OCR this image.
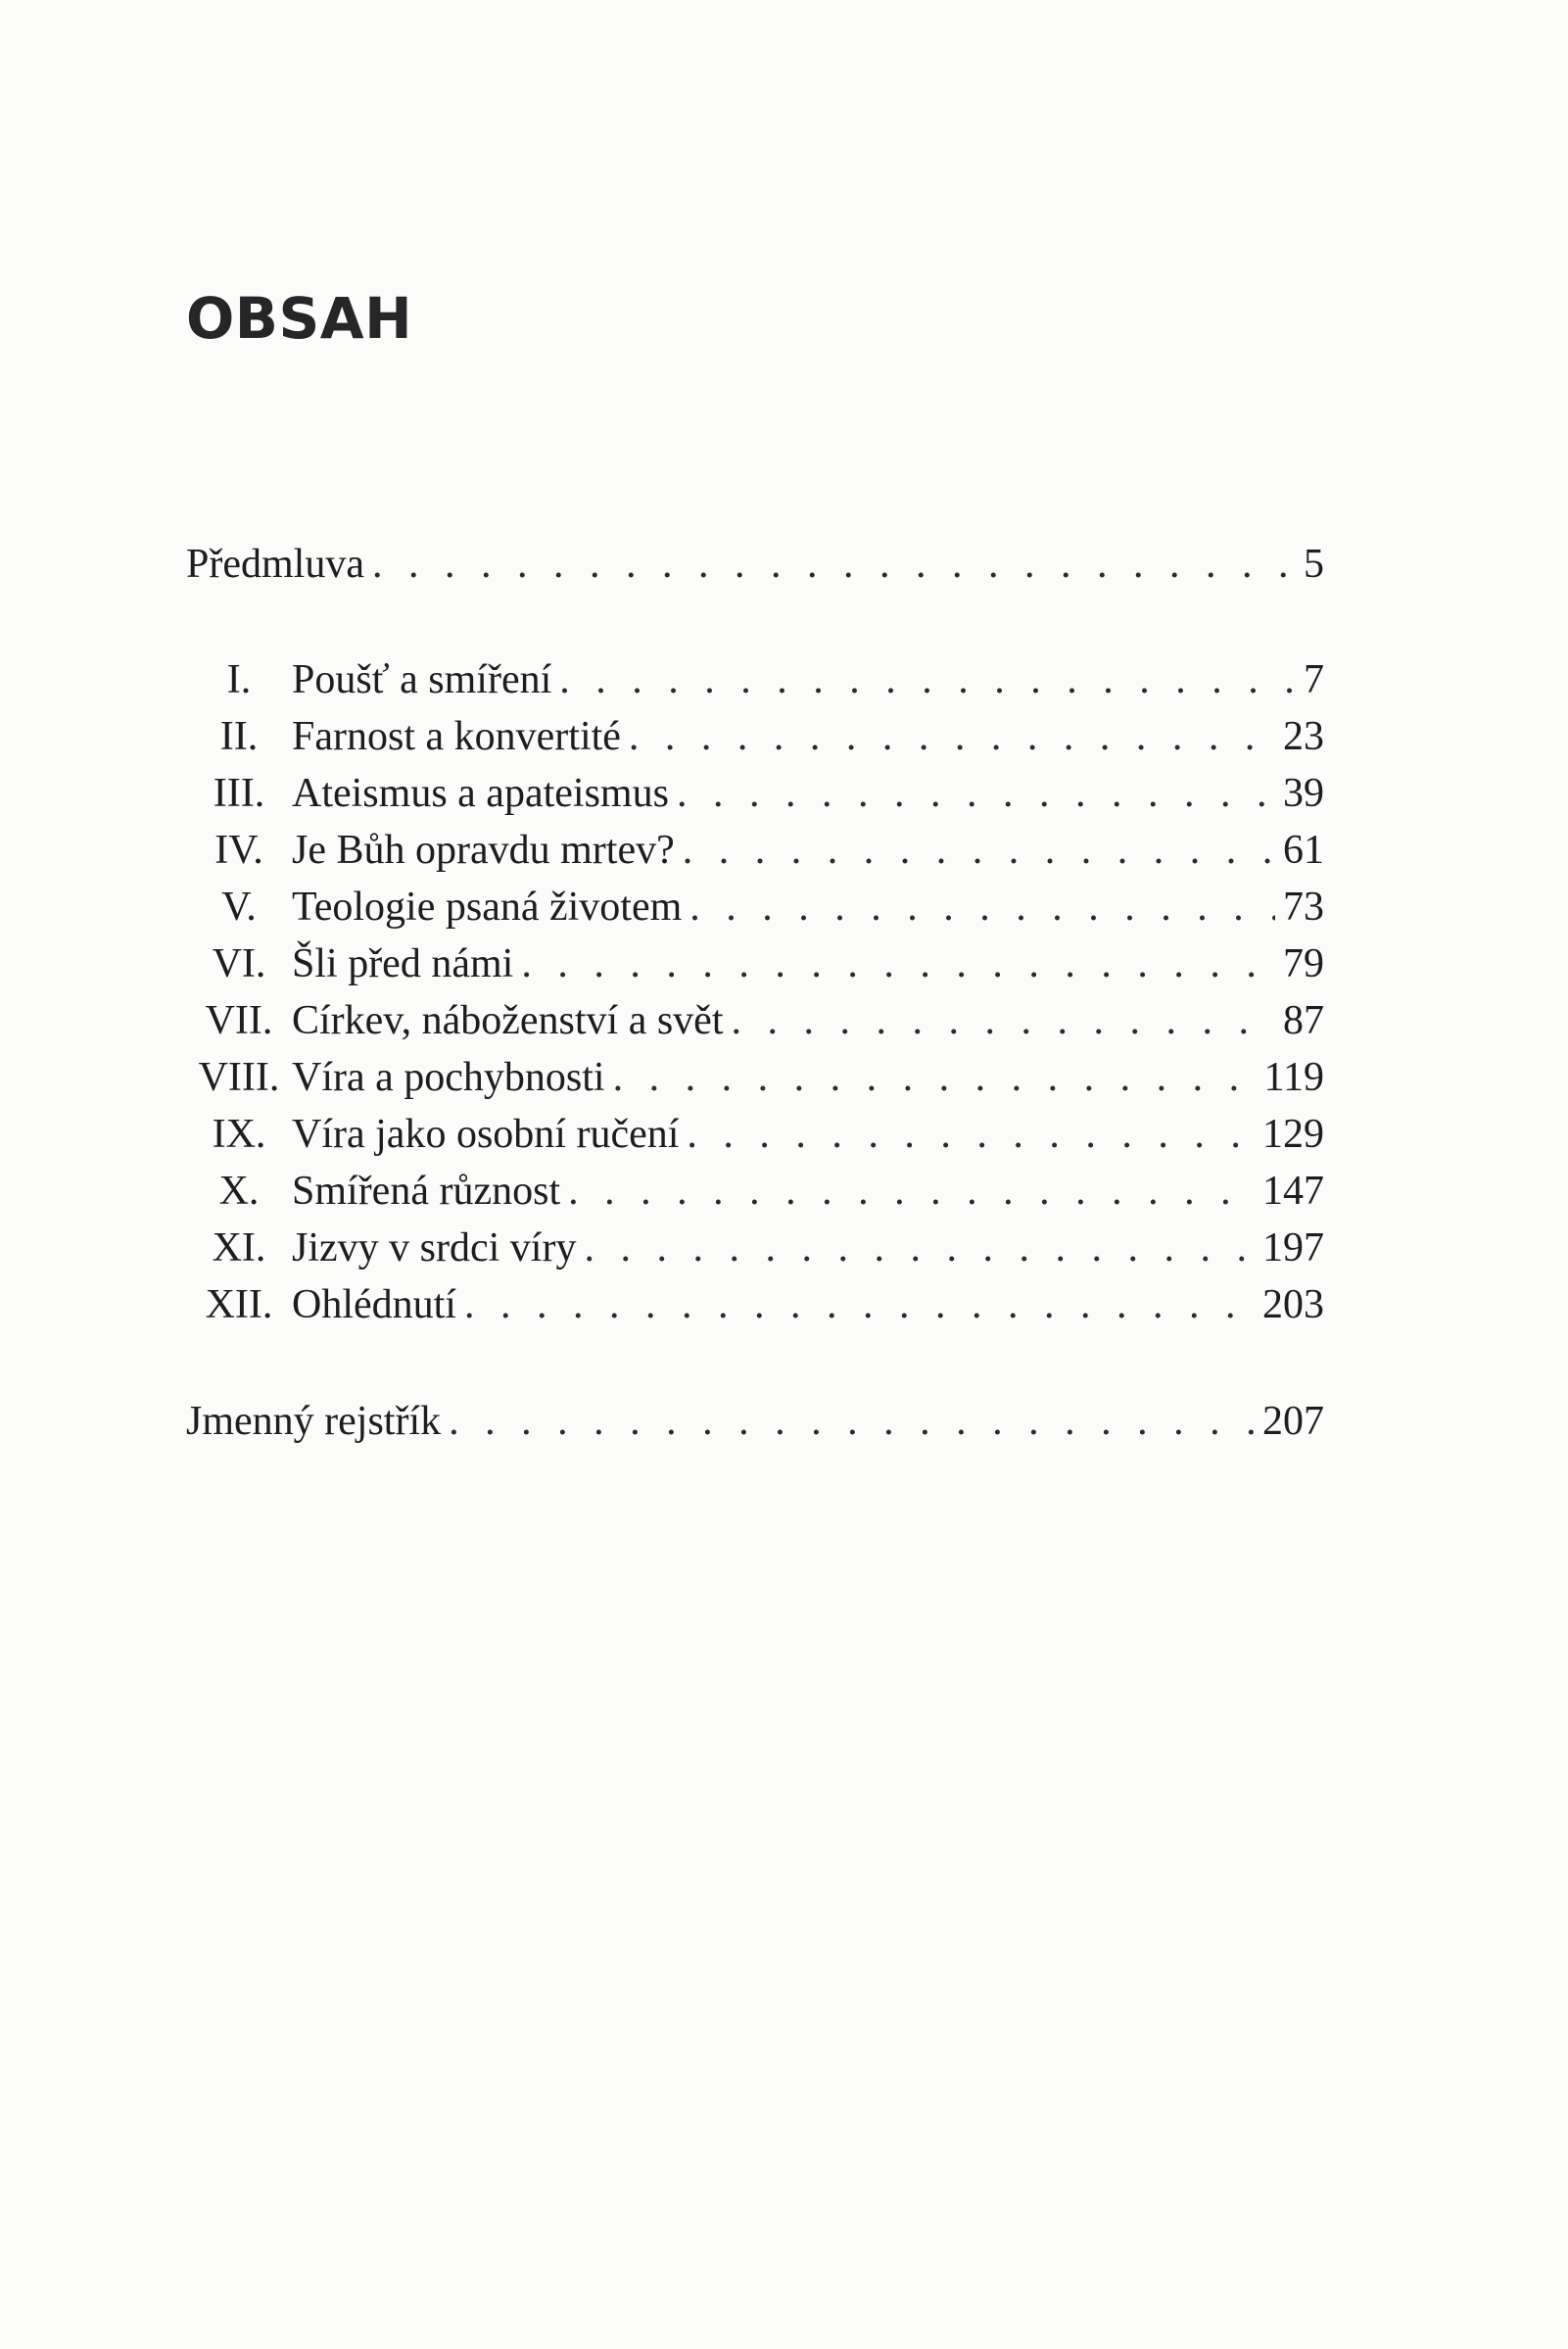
OBSAH
Předmluva . . .	5
I. Poušť a smíření . . .	7
II. Farnost a konvertité . . .	23
III. Ateismus a apateismus . . .	39
IV. Je Bůh opravdu mrtev? . . .	61
V. Teologie psaná životem . . .	73
VI. Šli před námi . . .	79
VII. Církev, náboženství a svět . . .	87
VIII. Víra a pochybnosti . . .	119
IX. Víra jako osobní ručení . . .	129
X. Smířená různost . . .	147
XI. Jizvy v srdci víry . . .	197
XII. Ohlédnutí . . .	203
Jmenný rejstřík . . .	207
